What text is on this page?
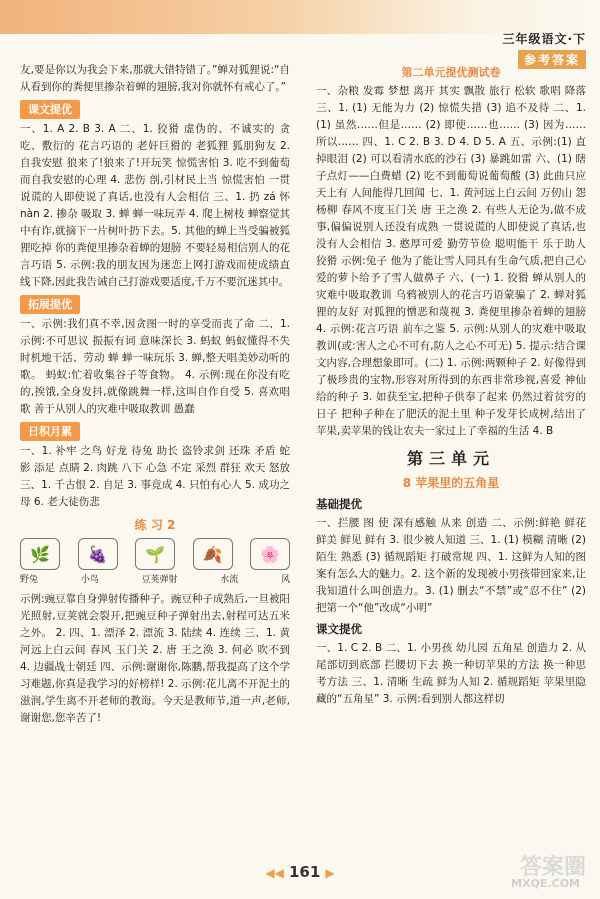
三年级语文·下
参考答案

友,要是你以为我会下来,那就大错特错了。”蝉对狐狸说:“自从看到你的粪便里掺杂着蝉的翅膀,我对你就怀有戒心了。”

课文提优

一、1. A 2. B 3. A 二、1. 狡猾 虚伪的、不诚实的 贪吃、敷衍的 花言巧语的 老奸巨猾的 老狐狸 狐朋狗友 2. 自我安慰 狼来了!狼来了!开玩笑 惊慌害怕 3. 吃不到葡萄而自我安慰的心理 4. 悲伤 剖,引材民上当 惊慌害怕 一贯说谎的人即使说了真话,也没有人会相信 三、1. 扔 zá 怀nàn 2. 掺杂 吸取 3. 蝉 蝉一味玩弄 4. 爬上树枝 蝉察觉其中有诈,就摘下一片树叶扔下去。5. 其他的蝉上当受骗被狐狸吃掉 你的粪便里掺杂着蝉的翅膀 不要轻易相信别人的花言巧语 5. 示例:我的朋友因为迷恋上网打游戏而使成绩直线下降,因此我告诫自己打游戏要适度,千万不要沉迷其中。

拓展提优

一、示例:我们真不幸,因贪图一时的享受而丧了命 二、1. 示例:不可思议 振振有词 意味深长 3. 蚂蚁 蚂蚁懂得不失时机地干活、劳动 蝉 蝉一味玩乐 3. 蝉,整天唱美妙动听的歌。 蚂蚁:忙着收集谷子等食物。 4. 示例:现在你没有吃的,挨饿,全身发抖,就像跳舞一样,这叫自作自受 5. 喜欢唱歌 善于从别人的灾难中吸取教训 愚蠢

日积月累

一、1. 补牢 之鸟 好龙 待兔 助长 盗铃求剑 还珠 矛盾 蛇影 添足 点睛 2. 肉跳 八下 心急 不定 采烈 群狂 欢天 怒放 三、1. 千古恨 2. 自足 3. 事竟成 4. 只怕有心人 5. 成功之母 6. 老大徒伤悲

练 习 2
🌿	🍇	🌱	🍂	🌸
野兔	小鸟	豆荚弹射	水流	风

示例:豌豆靠自身弹射传播种子。豌豆种子成熟后,一旦被阳光照射,豆荚就会裂开,把豌豆种子弹射出去,射程可达五米之外。 2. 四、1. 漂泽 2. 漂流 3. 陆续 4. 连续 三、1. 黄河远上白云间 春风 玉门关 2. 唐 王之涣 3. 何必 吹不到 4. 边疆战士朝廷 四、示例:谢谢你,陈鹏,帮我提高了这个学习难题,你真是我学习的好榜样! 2. 示例:花儿离不开泥土的滋润,学生离不开老师的教诲。今天是教师节,道一声,老师,谢谢您,您辛苦了!

第二单元提优测试卷

一、杂粮 发霉 梦想 离开 其实 飘散 旅行 松软 歌唱 降落 三、1. (1) 无能为力 (2) 惊慌失措 (3) 追不及待 二、1. (1) 虽然……但是…… (2) 即使……也…… (3) 因为……所以…… 四、1. C 2. B 3. D 4. D 5. A 五、示例:(1) 直掉眼泪 (2) 可以看清水底的沙石 (3) 暴跳如雷 六、(1) 瞎子点灯——白费蜡 (2) 吃不到葡萄说葡萄酸 (3) 此曲只应天上有 人间能得几回闻 七、1. 黄河远上白云间 万仞山 怨杨柳 春风不度玉门关 唐 王之涣 2. 有些人无论为,做不成事,偏偏说别人还没有成熟 一贯说谎的人即使说了真话,也没有人会相信 3. 憨厚可爱 勤劳节俭 聪明能干 乐于助人 狡猾 示例:兔子 他为了能让雪人同具有生命气质,把自己心爱的萝卜给予了雪人做鼻子 六、(一) 1. 狡猾 蝉从别人的灾难中吸取教训 乌鸦被别人的花言巧语蒙骗了 2. 蝉对狐狸的友好 对狐狸的憎恶和蔑视 3. 粪便里掺杂着蝉的翅膀 4. 示例:花言巧语 前车之鉴 5. 示例:从别人的灾难中吸取教训(或:害人之心不可有,防人之心不可无) 5. 提示:结合课文内容,合理想象即可。(二) 1. 示例:两颗种子 2. 好像得到了极珍贵的宝物,形容对所得到的东西非常珍视,喜爱 神仙给的种子 3. 如获至宝,把种子供奉了起来 仍然过着贫穷的日子 把种子种在了肥沃的泥土里 种子发芽长成树,结出了苹果,卖苹果的钱让农夫一家过上了幸福的生活 4. B

第三单元
8 苹果里的五角星
基础提优

一、拦腰 图 使 深有感触 从来 创造 二、示例:鲜艳 鲜花 鲜美 鲜见 鲜有 3. 很少被人知道 三、1. (1) 模糊 清晰 (2) 陌生 熟悉 (3) 循规蹈矩 打破常规 四、1. 这鲜为人知的图案有怎么大的魅力。2. 这个新的发现被小男孩带回家来,让我知道什么叫创造力。3. (1) 删去“不禁”或“忍不住” (2) 把第一个“他”改成“小明”

课文提优

一、1. C 2. B 二、1. 小男孩 幼儿园 五角星 创造力 2. 从尾部切到底部 拦腰切下去 换一种切苹果的方法 换一种思考方法 三、1. 清晰 生疏 鲜为人知 2. 循规蹈矩 苹果里隐藏的“五角星” 3. 示例:看到别人都这样切

◀◀ 161 ▶	答案圈
MXQE.COM
